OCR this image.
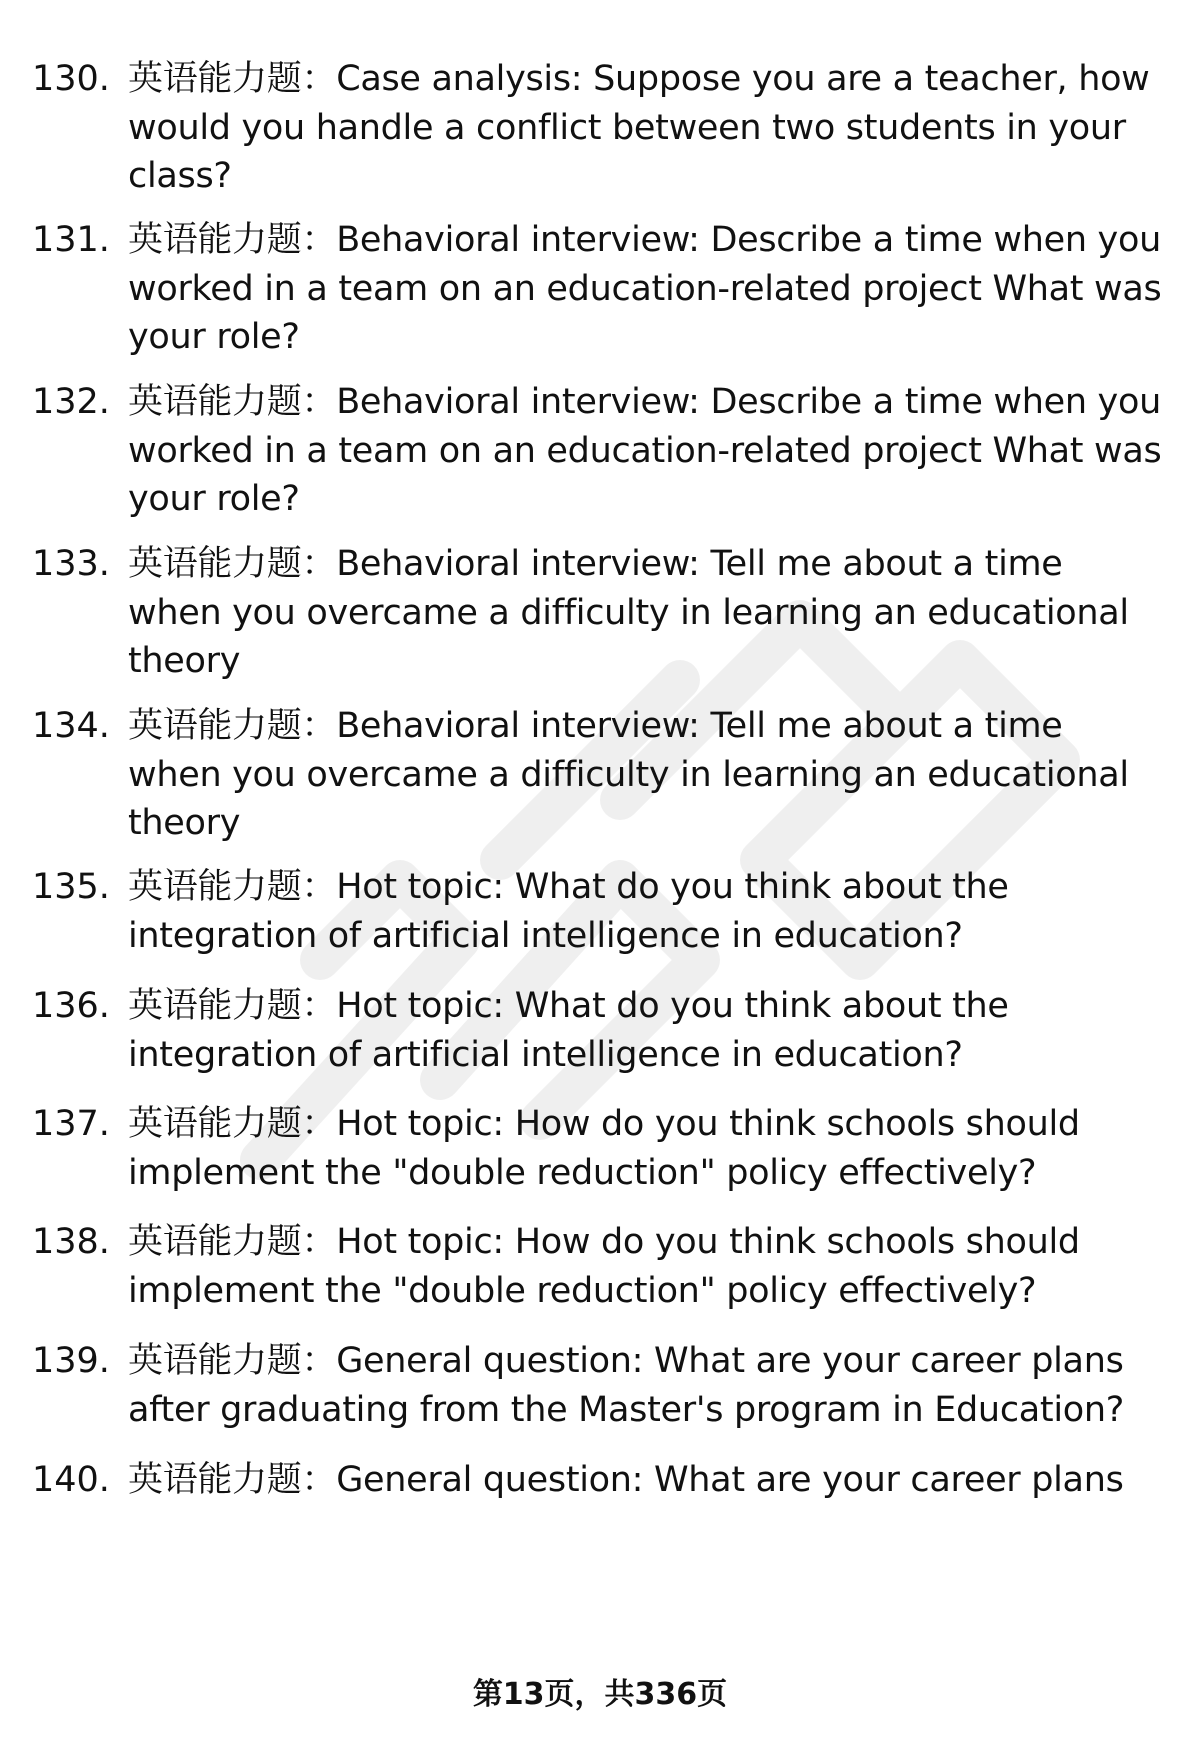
130. 英语能力题：Case analysis: Suppose you are a teacher, how would you handle a conflict between two students in your class?
131. 英语能力题：Behavioral interview: Describe a time when you worked in a team on an education-related project What was your role?
132. 英语能力题：Behavioral interview: Describe a time when you worked in a team on an education-related project What was your role?
133. 英语能力题：Behavioral interview: Tell me about a time when you overcame a difficulty in learning an educational theory
134. 英语能力题：Behavioral interview: Tell me about a time when you overcame a difficulty in learning an educational theory
135. 英语能力题：Hot topic: What do you think about the integration of artificial intelligence in education?
136. 英语能力题：Hot topic: What do you think about the integration of artificial intelligence in education?
137. 英语能力题：Hot topic: How do you think schools should implement the "double reduction" policy effectively?
138. 英语能力题：Hot topic: How do you think schools should implement the "double reduction" policy effectively?
139. 英语能力题：General question: What are your career plans after graduating from the Master's program in Education?
140. 英语能力题：General question: What are your career plans
第13页，共336页
